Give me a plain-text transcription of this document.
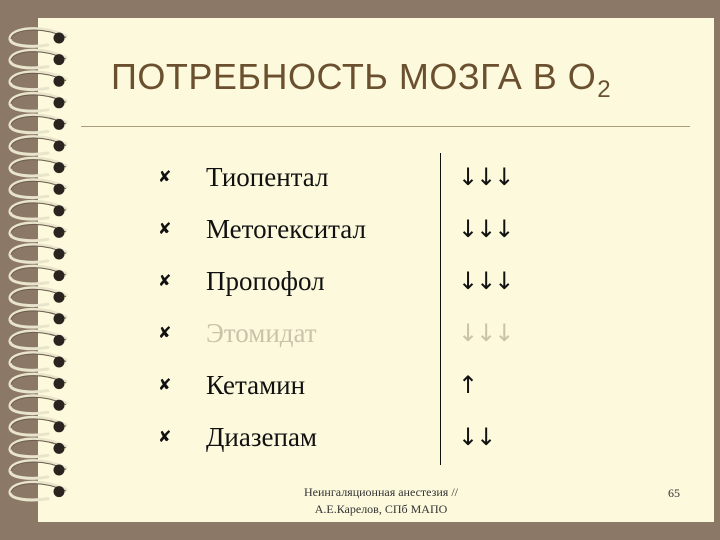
ПОТРЕБНОСТЬ МОЗГА В $О_2$
✘ Тиопентал	↓↓↓
✘ Метогекситал	↓↓↓
✘ Пропофол	↓↓↓
✘ Этомидат	↓↓↓
✘ Кетамин	↑
✘ Диазепам	↓↓
Неингаляционная анестезия //
А.Е.Карелов, СПб МАПО
65
